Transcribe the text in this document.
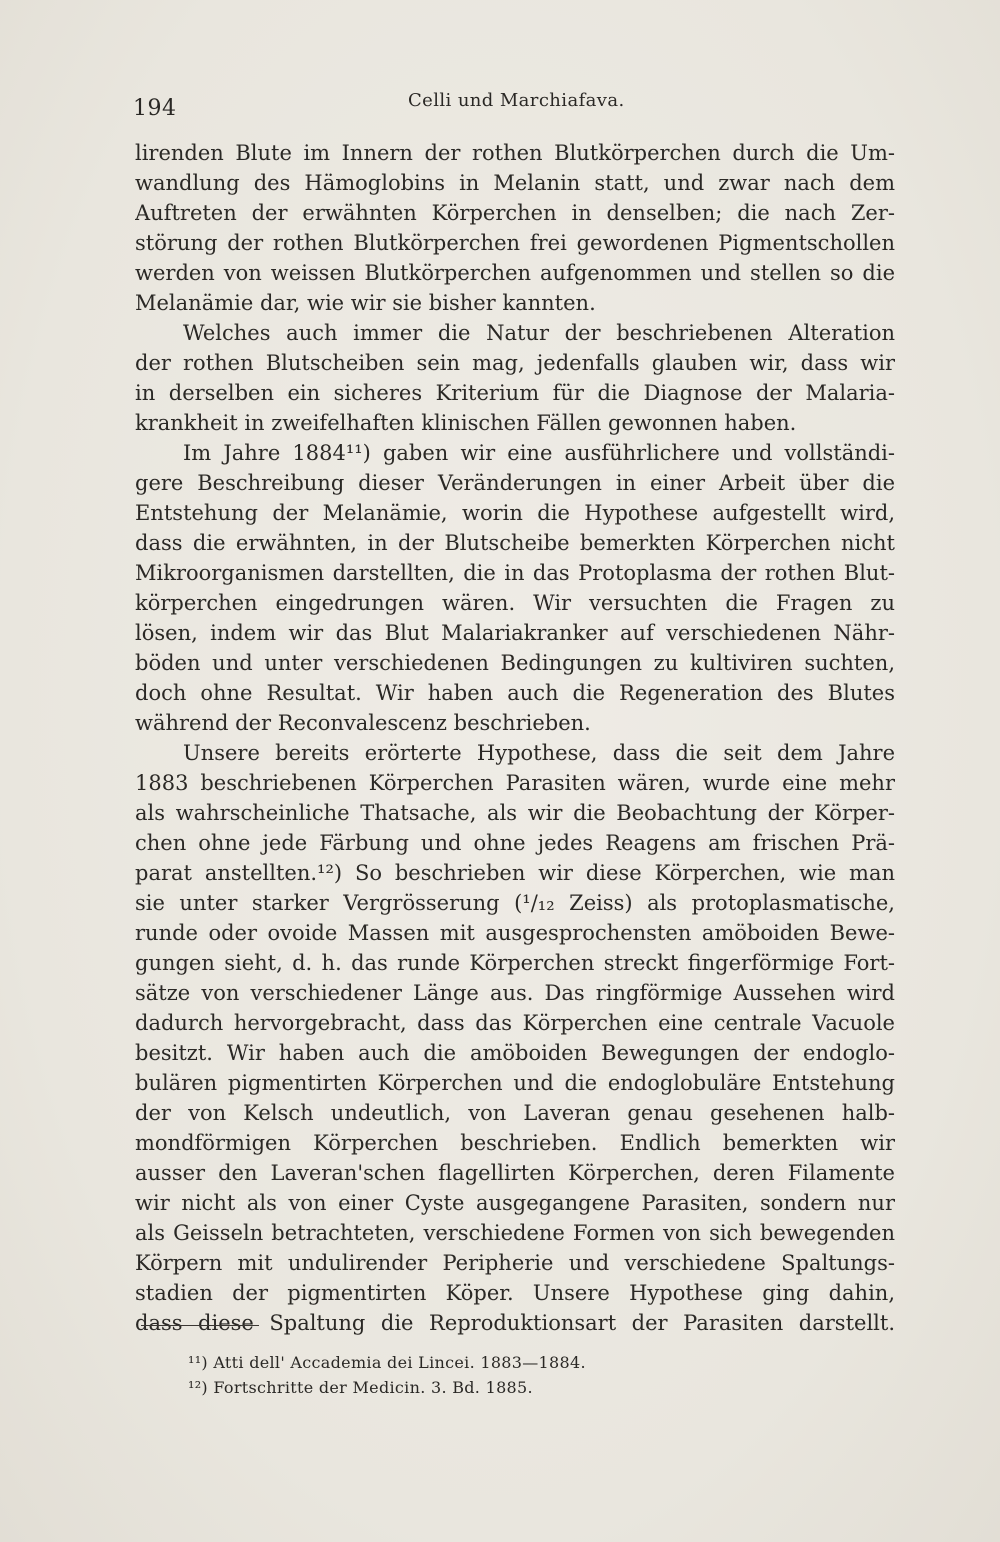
194	Celli und Marchiafava.
lirenden Blute im Innern der rothen Blutkörperchen durch die Um-
wandlung des Hämoglobins in Melanin statt, und zwar nach dem
Auftreten der erwähnten Körperchen in denselben; die nach Zer-
störung der rothen Blutkörperchen frei gewordenen Pigmentschollen
werden von weissen Blutkörperchen aufgenommen und stellen so die
Melanämie dar, wie wir sie bisher kannten.
Welches auch immer die Natur der beschriebenen Alteration
der rothen Blutscheiben sein mag, jedenfalls glauben wir, dass wir
in derselben ein sicheres Kriterium für die Diagnose der Malaria-
krankheit in zweifelhaften klinischen Fällen gewonnen haben.
Im Jahre 1884¹¹) gaben wir eine ausführlichere und vollständi-
gere Beschreibung dieser Veränderungen in einer Arbeit über die
Entstehung der Melanämie, worin die Hypothese aufgestellt wird,
dass die erwähnten, in der Blutscheibe bemerkten Körperchen nicht
Mikroorganismen darstellten, die in das Protoplasma der rothen Blut-
körperchen eingedrungen wären. Wir versuchten die Fragen zu
lösen, indem wir das Blut Malariakranker auf verschiedenen Nähr-
böden und unter verschiedenen Bedingungen zu kultiviren suchten,
doch ohne Resultat. Wir haben auch die Regeneration des Blutes
während der Reconvalescenz beschrieben.
Unsere bereits erörterte Hypothese, dass die seit dem Jahre
1883 beschriebenen Körperchen Parasiten wären, wurde eine mehr
als wahrscheinliche Thatsache, als wir die Beobachtung der Körper-
chen ohne jede Färbung und ohne jedes Reagens am frischen Prä-
parat anstellten.¹²) So beschrieben wir diese Körperchen, wie man
sie unter starker Vergrösserung (¹/₁₂ Zeiss) als protoplasmatische,
runde oder ovoide Massen mit ausgesprochensten amöboiden Bewe-
gungen sieht, d. h. das runde Körperchen streckt fingerförmige Fort-
sätze von verschiedener Länge aus. Das ringförmige Aussehen wird
dadurch hervorgebracht, dass das Körperchen eine centrale Vacuole
besitzt. Wir haben auch die amöboiden Bewegungen der endoglo-
bulären pigmentirten Körperchen und die endoglobuläre Entstehung
der von Kelsch undeutlich, von Laveran genau gesehenen halb-
mondförmigen Körperchen beschrieben. Endlich bemerkten wir
ausser den Laveran'schen flagellirten Körperchen, deren Filamente
wir nicht als von einer Cyste ausgegangene Parasiten, sondern nur
als Geisseln betrachteten, verschiedene Formen von sich bewegenden
Körpern mit undulirender Peripherie und verschiedene Spaltungs-
stadien der pigmentirten Köper. Unsere Hypothese ging dahin,
dass diese Spaltung die Reproduktionsart der Parasiten darstellt.
¹¹) Atti dell' Accademia dei Lincei. 1883—1884.
¹²) Fortschritte der Medicin. 3. Bd. 1885.
